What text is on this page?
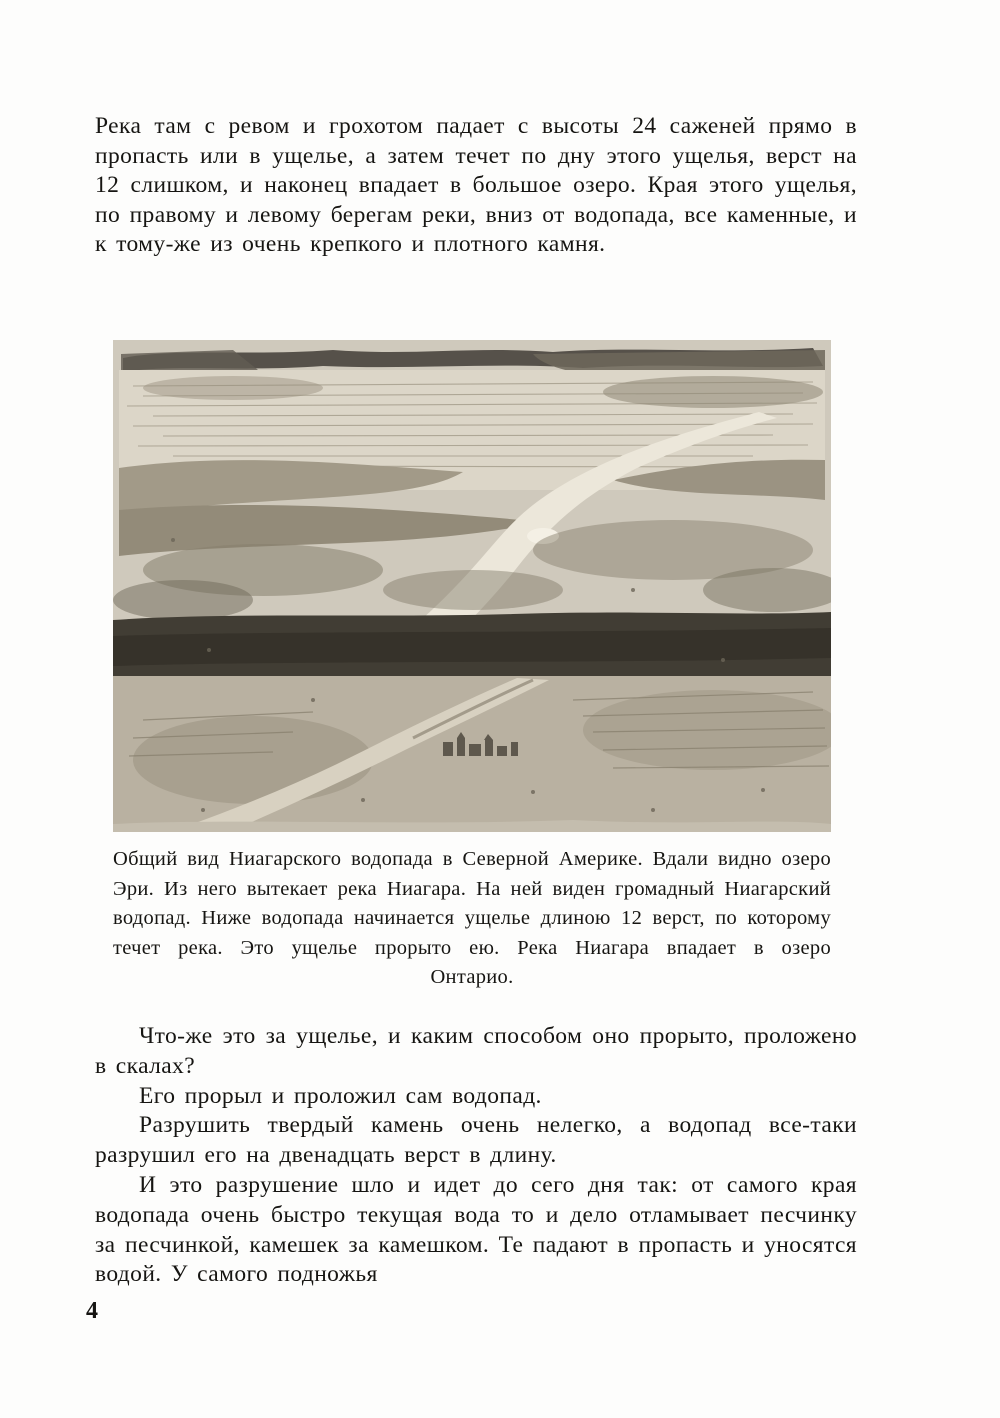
Река там с ревом и грохотом падает с высоты 24 саженей прямо в пропасть или в ущелье, а затем течет по дну этого ущелья, верст на 12 слишком, и наконец впадает в большое озеро. Края этого ущелья, по правому и левому берегам реки, вниз от водопада, все каменные, и к тому-же из очень крепкого и плотного камня.

Общий вид Ниагарского водопада в Северной Америке. Вдали видно озеро Эри. Из него вытекает река Ниагара. На ней виден громадный Ниагарский водопад. Ниже водопада начинается ущелье длиною 12 верст, по которому течет река. Это ущелье прорыто ею. Река Ниагара впадает в озеро Онтарио.

Что-же это за ущелье, и каким способом оно прорыто, проложено в скалах?

Его прорыл и проложил сам водопад.

Разрушить твердый камень очень нелегко, а водопад все-таки разрушил его на двенадцать верст в длину.

И это разрушение шло и идет до сего дня так: от самого края водопада очень быстро текущая вода то и дело отламывает песчинку за песчинкой, камешек за камешком. Те падают в пропасть и уносятся водой. У самого подножья

4
